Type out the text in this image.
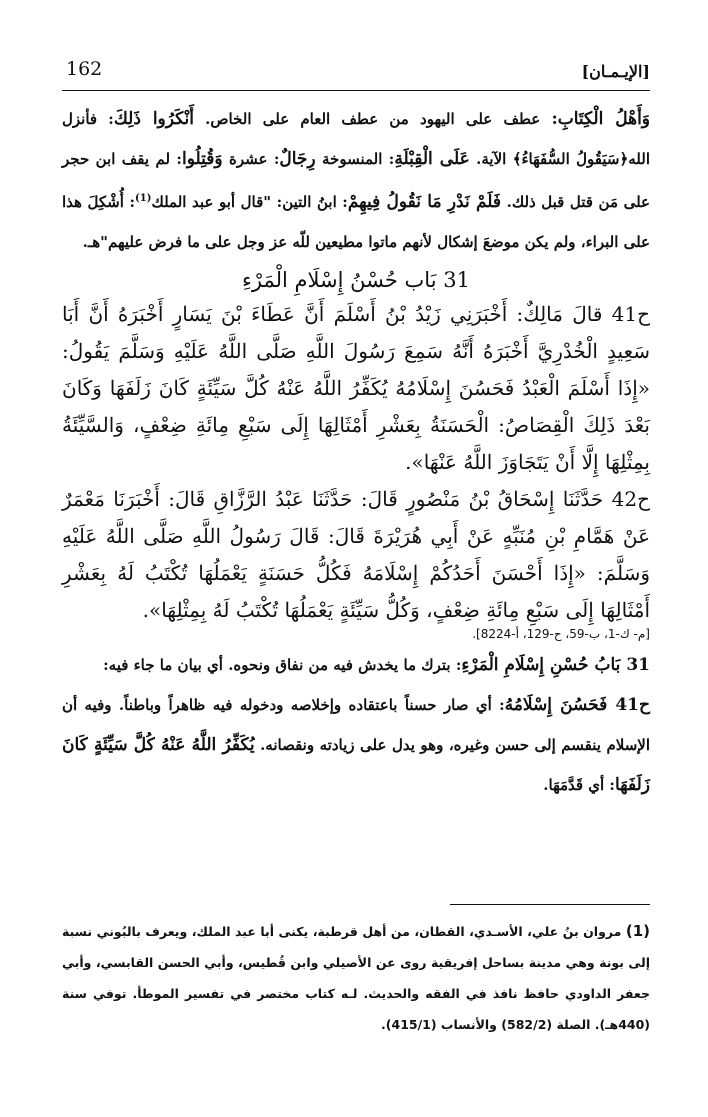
162	[الإيـمـان]

وَأَهْلُ الْكِتَابِ: عطف على اليهود من عطف العام على الخاص. أَنْكَرُوا ذَلِكَ: فأنزل الله﴿سَيَقُولُ السُّفَهَاءُ﴾ الآية. عَلَى الْقِبْلَةِ: المنسوخة رِجَالٌ: عشرة وَقُتِلُوا: لم يقف ابن حجر على مَن قتل قبل ذلك. فَلَمْ نَدْرِ مَا نَقُولُ فِيهِمْ: ابنُ التين: "قال أبو عبد الملك$^{(1)}$: أُشْكِلَ هذا على البراء، ولم يكن موضعَ إشكال لأنهم ماتوا مطيعين للّه عز وجل على ما فرض عليهم"هـ.

31 بَاب حُسْنُ إِسْلَامِ الْمَرْءِ

ح41 قالَ مَالِكٌ: أَخْبَرَنِي زَيْدُ بْنُ أَسْلَمَ أَنَّ عَطَاءَ بْنَ يَسَارٍ أَخْبَرَهُ أَنَّ أَبَا سَعِيدٍ الْخُدْرِيَّ أَخْبَرَهُ أَنَّهُ سَمِعَ رَسُولَ اللَّهِ صَلَّى اللَّهُ عَلَيْهِ وَسَلَّمَ يَقُولُ: «إِذَا أَسْلَمَ الْعَبْدُ فَحَسُنَ إِسْلَامُهُ يُكَفِّرُ اللَّهُ عَنْهُ كُلَّ سَيِّئَةٍ كَانَ زَلَفَهَا وَكَانَ بَعْدَ ذَلِكَ الْقِصَاصُ: الْحَسَنَةُ بِعَشْرِ أَمْثَالِهَا إِلَى سَبْعِ مِائَةِ ضِعْفٍ، وَالسَّيِّئَةُ بِمِثْلِهَا إِلَّا أَنْ يَتَجَاوَزَ اللَّهُ عَنْهَا».

ح42 حَدَّثَنَا إِسْحَاقُ بْنُ مَنْصُورٍ قَالَ: حَدَّثَنَا عَبْدُ الرَّزَّاقِ قَالَ: أَخْبَرَنَا مَعْمَرٌ عَنْ هَمَّامِ بْنِ مُنَبِّهٍ عَنْ أَبِي هُرَيْرَةَ قَالَ: قَالَ رَسُولُ اللَّهِ صَلَّى اللَّهُ عَلَيْهِ وَسَلَّمَ: «إِذَا أَحْسَنَ أَحَدُكُمْ إِسْلَامَهُ فَكُلُّ حَسَنَةٍ يَعْمَلُهَا تُكْتَبُ لَهُ بِعَشْرِ أَمْثَالِهَا إِلَى سَبْعِ مِائَةِ ضِعْفٍ، وَكُلُّ سَيِّئَةٍ يَعْمَلُهَا تُكْتَبُ لَهُ بِمِثْلِهَا».

[م- ك-1، ب-59، ح-129، أ-8224].

31 بَابُ حُسْنِ إِسْلَامِ الْمَرْءِ: بترك ما يخدش فيه من نفاق ونحوه. أي بيان ما جاء فيه:

ح41 فَحَسُنَ إِسْلَامُهُ: أي صار حسناً باعتقاده وإخلاصه ودخوله فيه ظاهراً وباطناً. وفيه أن الإسلام ينقسم إلى حسن وغيره، وهو يدل على زيادته ونقصانه. يُكَفِّرُ اللَّهُ عَنْهُ كُلَّ سَيِّئَةٍ كَانَ زَلَفَهَا: أي قَدَّمَهَا.

(1) مروان بنُ علي، الأسـدي، القطان، من أهل قرطبة، يكنى أبا عبد الملك، ويعرف بالبُوني نسبة إلى بونة وهي مدينة بساحل إفريقية روى عن الأصيلي وابن قُطيس، وأبي الحسن القابسي، وأبي جعفر الداودي حافظ نافذ في الفقه والحديث. لـه كتاب مختصر في تفسير الموطأ. توفي سنة (440هـ). الصلة (582/2) والأنساب (415/1).
